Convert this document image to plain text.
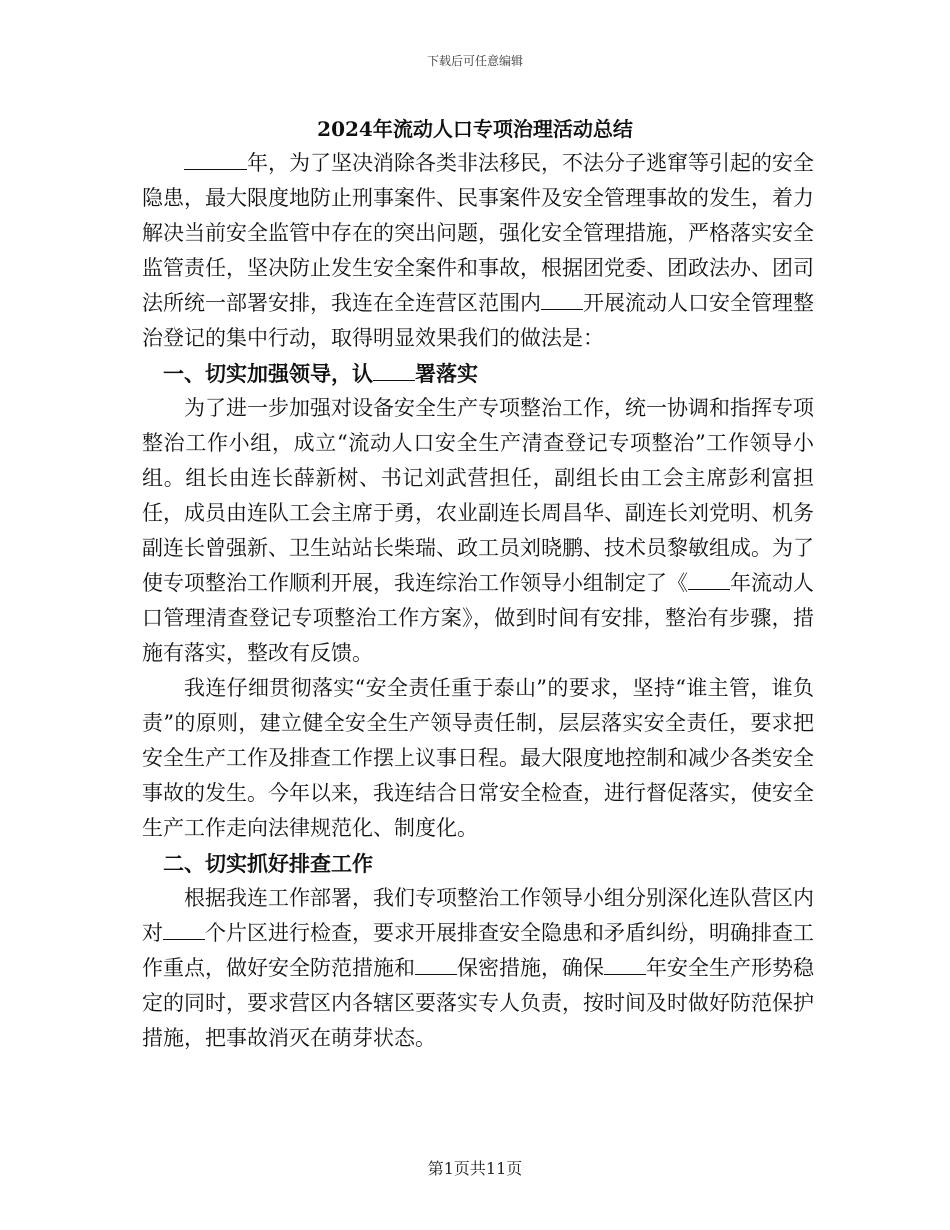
下载后可任意编辑
2024年流动人口专项治理活动总结

年，为了坚决消除各类非法移民，不法分子逃窜等引起的安全隐患，最大限度地防止刑事案件、民事案件及安全管理事故的发生，着力解决当前安全监管中存在的突出问题，强化安全管理措施，严格落实安全监管责任，坚决防止发生安全案件和事故，根据团党委、团政法办、团司法所统一部署安排，我连在全连营区范围内 开展流动人口安全管理整治登记的集中行动，取得明显效果我们的做法是：

一、切实加强领导，认 署落实

为了进一步加强对设备安全生产专项整治工作，统一协调和指挥专项整治工作小组，成立“流动人口安全生产清查登记专项整治”工作领导小组。组长由连长薛新树、书记刘武营担任，副组长由工会主席彭利富担任，成员由连队工会主席于勇，农业副连长周昌华、副连长刘党明、机务副连长曾强新、卫生站站长柴瑞、政工员刘晓鹏、技术员黎敏组成。为了使专项整治工作顺利开展，我连综治工作领导小组制定了《 年流动人口管理清查登记专项整治工作方案》，做到时间有安排，整治有步骤，措施有落实，整改有反馈。

我连仔细贯彻落实“安全责任重于泰山”的要求，坚持“谁主管，谁负责”的原则，建立健全安全生产领导责任制，层层落实安全责任，要求把安全生产工作及排查工作摆上议事日程。最大限度地控制和减少各类安全事故的发生。今年以来，我连结合日常安全检查，进行督促落实，使安全生产工作走向法律规范化、制度化。

二、切实抓好排查工作

根据我连工作部署，我们专项整治工作领导小组分别深化连队营区内对 个片区进行检查，要求开展排查安全隐患和矛盾纠纷，明确排查工作重点，做好安全防范措施和 保密措施，确保 年安全生产形势稳定的同时，要求营区内各辖区要落实专人负责，按时间及时做好防范保护措施，把事故消灭在萌芽状态。

第1页共11页
